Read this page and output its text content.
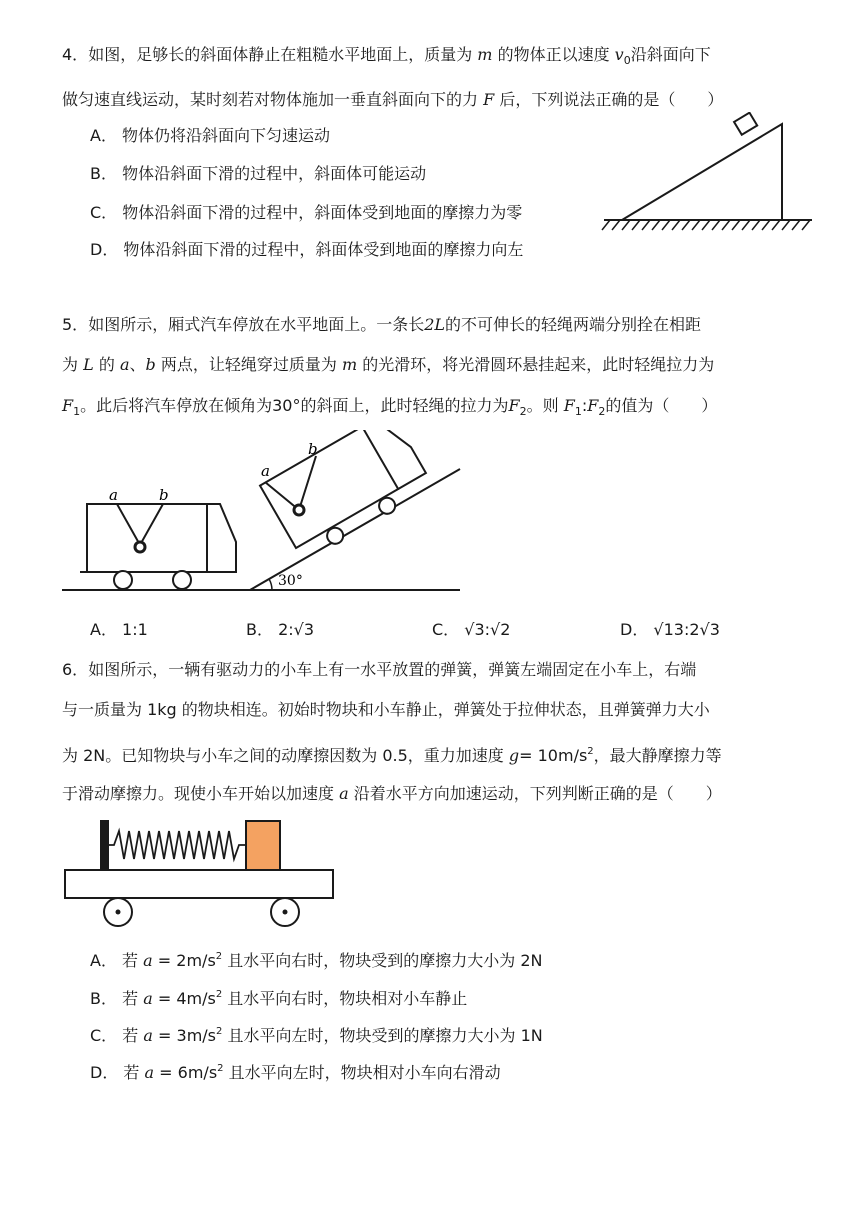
4．如图，足够长的斜面体静止在粗糙水平地面上，质量为 m 的物体正以速度 $v_0$沿斜面向下
做匀速直线运动，某时刻若对物体施加一垂直斜面向下的力 F 后，下列说法正确的是（　　）
A． 物体仍将沿斜面向下匀速运动
B． 物体沿斜面下滑的过程中，斜面体可能运动
C． 物体沿斜面下滑的过程中，斜面体受到地面的摩擦力为零
D． 物体沿斜面下滑的过程中，斜面体受到地面的摩擦力向左
5．如图所示，厢式汽车停放在水平地面上。一条长2L的不可伸长的轻绳两端分别拴在相距
为 L 的 a、b 两点，让轻绳穿过质量为 m 的光滑环，将光滑圆环悬挂起来，此时轻绳拉力为
$F_1$。此后将汽车停放在倾角为30°的斜面上，此时轻绳的拉力为$F_2$。则 $F_1:F_2$的值为（　　）
30°
a	b
a
b
A． 1:1	B． 2:√3	C． √3:√2	D． √13:2√3
6．如图所示，一辆有驱动力的小车上有一水平放置的弹簧，弹簧左端固定在小车上，右端
与一质量为 1kg 的物块相连。初始时物块和小车静止，弹簧处于拉伸状态，且弹簧弹力大小
为 2N。已知物块与小车之间的动摩擦因数为 0.5，重力加速度 $g= 10m/s^2$，最大静摩擦力等
于滑动摩擦力。现使小车开始以加速度 a 沿着水平方向加速运动，下列判断正确的是（　　）
A． 若 $a = 2m/s^2$ 且水平向右时，物块受到的摩擦力大小为 2N
B． 若 $a = 4m/s^2$ 且水平向右时，物块相对小车静止
C． 若 $a = 3m/s^2$ 且水平向左时，物块受到的摩擦力大小为 1N
D． 若 $a = 6m/s^2$ 且水平向左时，物块相对小车向右滑动
